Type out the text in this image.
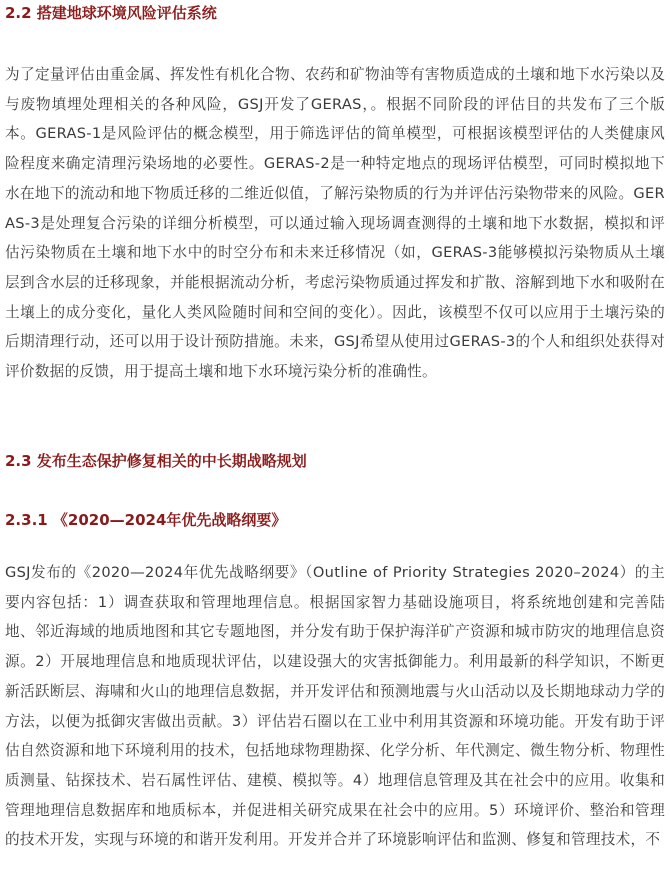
2.2 搭建地球环境风险评估系统

为了定量评估由重金属、挥发性有机化合物、农药和矿物油等有害物质造成的土壤和地下水污染以及与废物填埋处理相关的各种风险，GSJ开发了GERAS，。根据不同阶段的评估目的共发布了三个版本。GERAS-1是风险评估的概念模型，用于筛选评估的简单模型，可根据该模型评估的人类健康风险程度来确定清理污染场地的必要性。GERAS-2是一种特定地点的现场评估模型，可同时模拟地下水在地下的流动和地下物质迁移的二维近似值，了解污染物质的行为并评估污染物带来的风险。GERAS-3是处理复合污染的详细分析模型，可以通过输入现场调查测得的土壤和地下水数据，模拟和评估污染物质在土壤和地下水中的时空分布和未来迁移情况（如，GERAS-3能够模拟污染物质从土壤层到含水层的迁移现象，并能根据流动分析，考虑污染物质通过挥发和扩散、溶解到地下水和吸附在土壤上的成分变化，量化人类风险随时间和空间的变化）。因此，该模型不仅可以应用于土壤污染的后期清理行动，还可以用于设计预防措施。未来，GSJ希望从使用过GERAS-3的个人和组织处获得对评价数据的反馈，用于提高土壤和地下水环境污染分析的准确性。

2.3 发布生态保护修复相关的中长期战略规划
2.3.1 《2020—2024年优先战略纲要》

GSJ发布的《2020—2024年优先战略纲要》（Outline of Priority Strategies 2020–2024）的主要内容包括：1）调查获取和管理地理信息。根据国家智力基础设施项目，将系统地创建和完善陆地、邻近海域的地质地图和其它专题地图，并分发有助于保护海洋矿产资源和城市防灾的地理信息资源。2）开展地理信息和地质现状评估，以建设强大的灾害抵御能力。利用最新的科学知识，不断更新活跃断层、海啸和火山的地理信息数据，并开发评估和预测地震与火山活动以及长期地球动力学的方法，以便为抵御灾害做出贡献。3）评估岩石圈以在工业中利用其资源和环境功能。开发有助于评估自然资源和地下环境利用的技术，包括地球物理勘探、化学分析、年代测定、微生物分析、物理性质测量、钻探技术、岩石属性评估、建模、模拟等。4）地理信息管理及其在社会中的应用。收集和管理地理信息数据库和地质标本，并促进相关研究成果在社会中的应用。5）环境评价、整治和管理的技术开发，实现与环境的和谐开发利用。开发并合并了环境影响评估和监测、修复和管理技术，不
